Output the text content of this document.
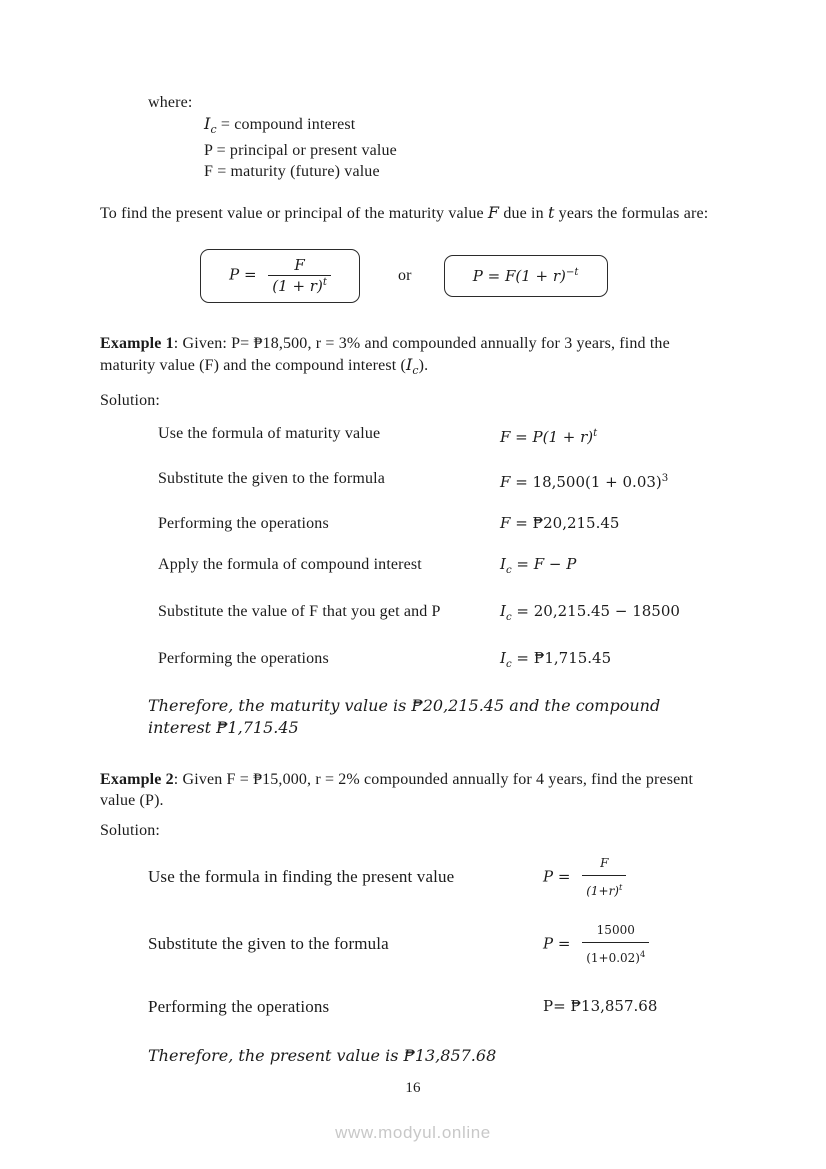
where:
$I_c$ = compound interest
P = principal or present value
F = maturity (future) value

To find the present value or principal of the maturity value F due in t years the formulas are:

$P = \frac{F}{(1 + r)^t}$	or	$P = F(1 + r)^{-t}$

Example 1: Given: P= ₱18,500, r = 3% and compounded annually for 3 years, find the maturity value (F) and the compound interest $(I_c)$.

Solution:

Use the formula of maturity value	$F = P(1 + r)^t$
Substitute the given to the formula	$F = 18,500(1 + 0.03)^3$
Performing the operations	F = ₱20,215.45
Apply the formula of compound interest	$I_c = F - P$
Substitute the value of F that you get and P	$I_c = 20,215.45 - 18500$
Performing the operations	$I_c$ = ₱1,715.45

Therefore, the maturity value is ₱20,215.45 and the compound interest ₱1,715.45

Example 2: Given F = ₱15,000, r = 2% compounded annually for 4 years, find the present value (P).

Solution:

Use the formula in finding the present value	$P = \frac{F}{(1+r)^t}$
Substitute the given to the formula	$P = \frac{15000}{(1+0.02)^4}$
Performing the operations	P= ₱13,857.68

Therefore, the present value is ₱13,857.68

16
www.modyul.online
